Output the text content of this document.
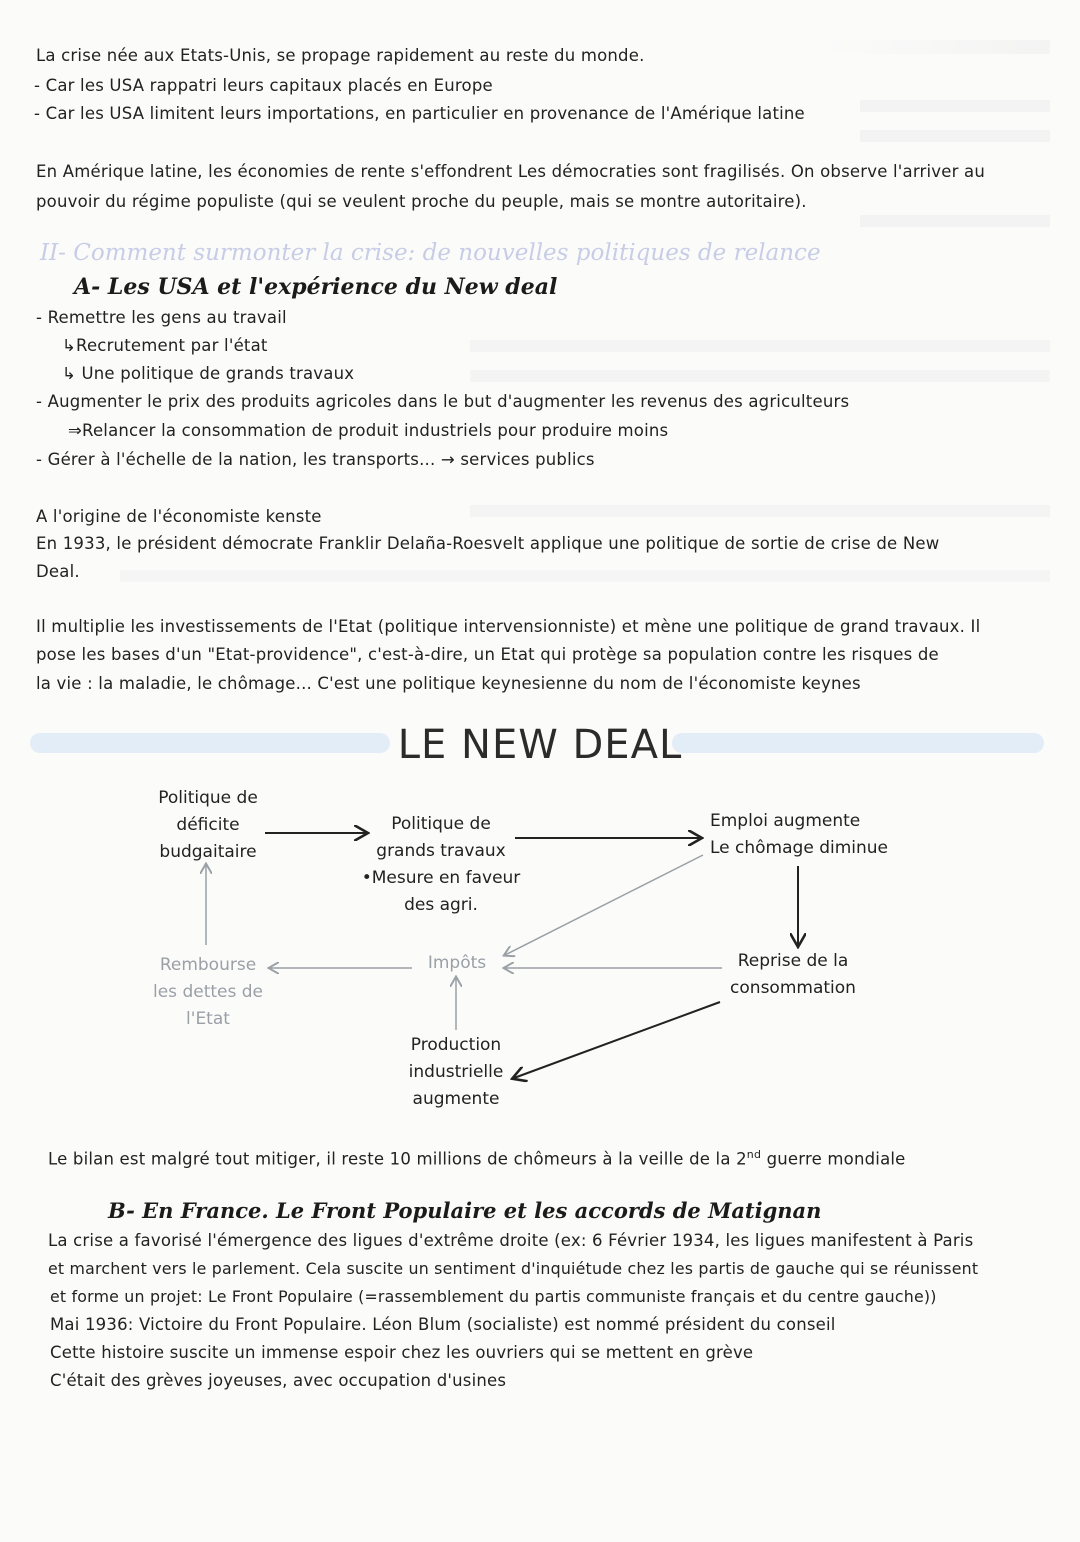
La crise née aux Etats-Unis, se propage rapidement au reste du monde.
- Car les USA rappatri leurs capitaux placés en Europe
- Car les USA limitent leurs importations, en particulier en provenance de l'Amérique latine
En Amérique latine, les économies de rente s'effondrent Les démocraties sont fragilisés. On observe l'arriver au
pouvoir du régime populiste (qui se veulent proche du peuple, mais se montre autoritaire).
II- Comment surmonter la crise: de nouvelles politiques de relance
A- Les USA et l'expérience du New deal
- Remettre les gens au travail
↳Recrutement par l'état
↳ Une politique de grands travaux
- Augmenter le prix des produits agricoles dans le but d'augmenter les revenus des agriculteurs
⇒Relancer la consommation de produit industriels pour produire moins
- Gérer à l'échelle de la nation, les transports... → services publics
A l'origine de l'économiste kenste
En 1933, le président démocrate Franklir Delaña-Roesvelt applique une politique de sortie de crise de New
Deal.
Il multiplie les investissements de l'Etat (politique intervensionniste) et mène une politique de grand travaux. Il
pose les bases d'un "Etat-providence", c'est-à-dire, un Etat qui protège sa population contre les risques de
la vie : la maladie, le chômage... C'est une politique keynesienne du nom de l'économiste keynes
LE NEW DEAL
Politique de
déficite
budgaitaire
Politique de
grands travaux
•Mesure en faveur
des agri.
Emploi augmente
Le chômage diminue
Reprise de la
consommation
Impôts
Rembourse
les dettes de
l'Etat
Production
industrielle
augmente
Le bilan est malgré tout mitiger, il reste 10 millions de chômeurs à la veille de la 2nd guerre mondiale
B- En France. Le Front Populaire et les accords de Matignan
La crise a favorisé l'émergence des ligues d'extrême droite (ex: 6 Février 1934, les ligues manifestent à Paris
et marchent vers le parlement. Cela suscite un sentiment d'inquiétude chez les partis de gauche qui se réunissent
et forme un projet: Le Front Populaire (=rassemblement du partis communiste français et du centre gauche))
Mai 1936: Victoire du Front Populaire. Léon Blum (socialiste) est nommé président du conseil
Cette histoire suscite un immense espoir chez les ouvriers qui se mettent en grève
C'était des grèves joyeuses, avec occupation d'usines
